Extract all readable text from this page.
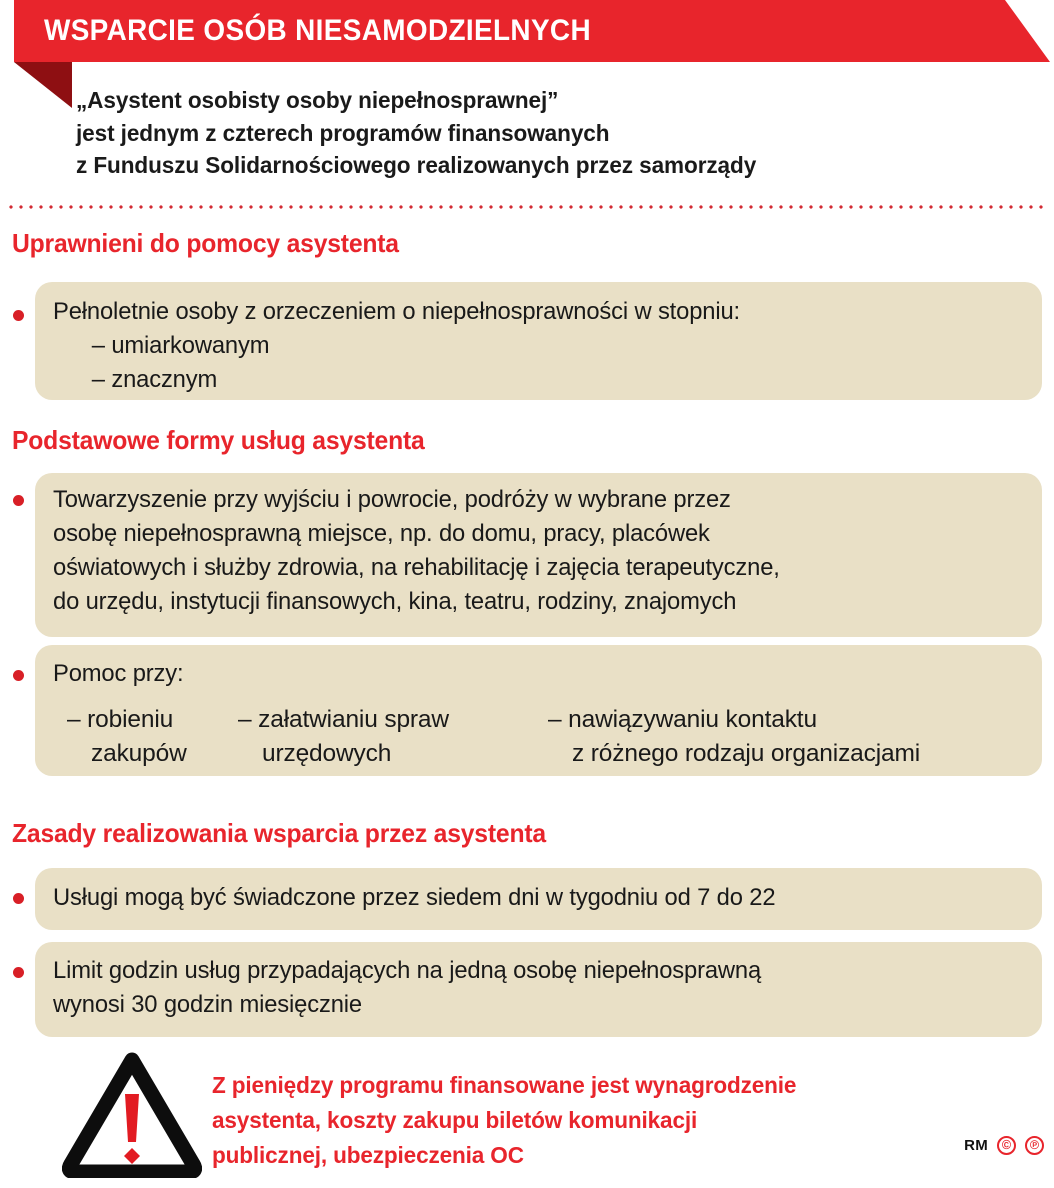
WSPARCIE OSÓB NIESAMODZIELNYCH
„Asystent osobisty osoby niepełnosprawnej”
jest jednym z czterech programów finansowanych
z Funduszu Solidarnościowego realizowanych przez samorządy
Uprawnieni do pomocy asystenta
Pełnoletnie osoby z orzeczeniem o niepełnosprawności w stopniu:
– umiarkowanym
– znacznym
Podstawowe formy usług asystenta
Towarzyszenie przy wyjściu i powrocie, podróży w wybrane przez
osobę niepełnosprawną miejsce, np. do domu, pracy, placówek
oświatowych i służby zdrowia, na rehabilitację i zajęcia terapeutyczne,
do urzędu, instytucji finansowych, kina, teatru, rodziny, znajomych
Pomoc przy:
– robieniu
zakupów
– załatwianiu spraw
urzędowych
– nawiązywaniu kontaktu
z różnego rodzaju organizacjami
Zasady realizowania wsparcia przez asystenta
Usługi mogą być świadczone przez siedem dni w tygodniu od 7 do 22
Limit godzin usług przypadających na jedną osobę niepełnosprawną
wynosi 30 godzin miesięcznie
Z pieniędzy programu finansowane jest wynagrodzenie
asystenta, koszty zakupu biletów komunikacji
publicznej, ubezpieczenia OC	RM	©	℗
